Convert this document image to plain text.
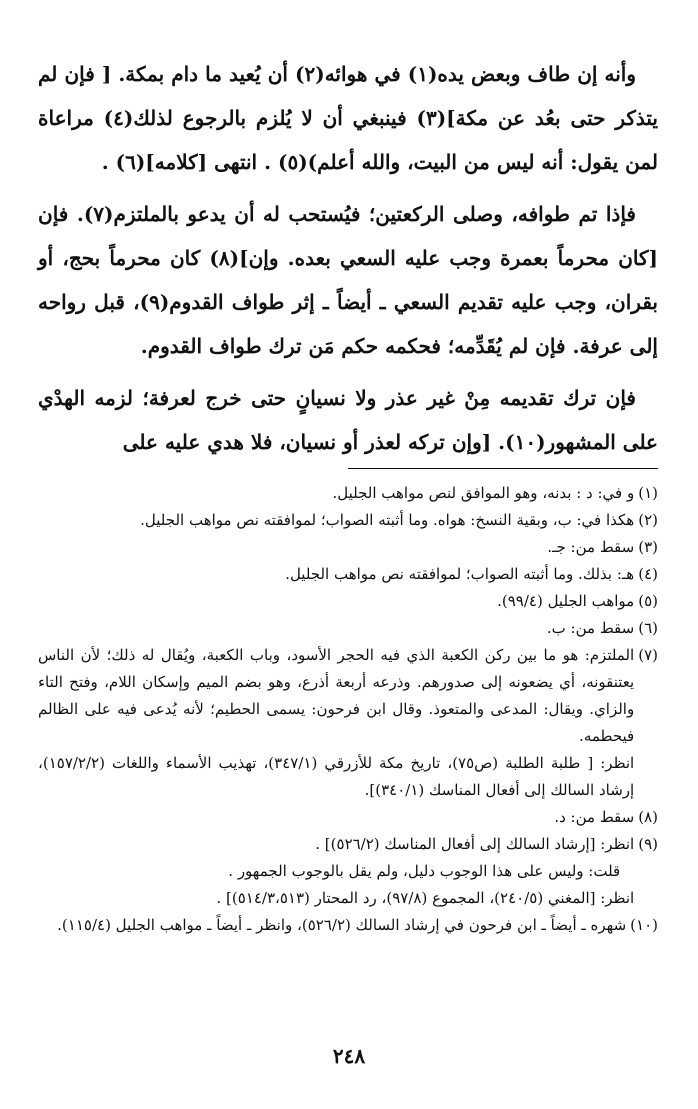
وأنه إن طاف وبعض يده(١) في هوائه(٢) أن يُعيد ما دام بمكة. [ فإن لم يتذكر حتى بعُد عن مكة](٣) فينبغي أن لا يُلزم بالرجوع لذلك(٤) مراعاة لمن يقول: أنه ليس من البيت، والله أعلم)(٥) . انتهى [كلامه](٦) .

فإذا تم طوافه، وصلى الركعتين؛ فيُستحب له أن يدعو بالملتزم(٧). فإن [كان محرماً بعمرة وجب عليه السعي بعده. وإن](٨) كان محرماً بحج، أو بقران، وجب عليه تقديم السعي ـ أيضاً ـ إثر طواف القدوم(٩)، قبل رواحه إلى عرفة. فإن لم يُقَدِّمه؛ فحكمه حكم مَن ترك طواف القدوم.

فإن ترك تقديمه مِنْ غير عذر ولا نسيانٍ حتى خرج لعرفة؛ لزمه الهدْي على المشهور(١٠). [وإن تركه لعذر أو نسيان، فلا هدي عليه على

(١)
و في: د : بدنه، وهو الموافق لنص مواهب الجليل.
(٢)
هكذا في: ب، وبقية النسخ: هواه. وما أثبته الصواب؛ لموافقته نص مواهب الجليل.
(٣)
سقط من: جـ.
(٤)
هـ: بذلك. وما أثبته الصواب؛ لموافقته نص مواهب الجليل.
(٥)
مواهب الجليل (٩٩/٤).
(٦)
سقط من: ب.
(٧)
الملتزم: هو ما بين ركن الكعبة الذي فيه الحجر الأسود، وباب الكعبة، ويُقال له ذلك؛ لأن الناس يعتنقونه، أي يضعونه إلى صدورهم. وذرعه أربعة أذرع، وهو بضم الميم وإسكان اللام، وفتح التاء والزاي. ويقال: المدعى والمتعوذ. وقال ابن فرحون: يسمى الحطيم؛ لأنه يُدعى فيه على الظالم فيحطمه.
انظر: [ طلبة الطلبة (ص٧٥)، تاريخ مكة للأزرقي (٣٤٧/١)، تهذيب الأسماء واللغات (١٥٧/٢/٢)، إرشاد السالك إلى أفعال المناسك (٣٤٠/١)].
(٨)
سقط من: د.
(٩)
انظر: [إرشاد السالك إلى أفعال المناسك (٥٢٦/٢)] .
قلت: وليس على هذا الوجوب دليل، ولم يقل بالوجوب الجمهور .
انظر: [المغني (٢٤٠/٥)، المجموع (٩٧/٨)، رد المحتار (٥١٤/٣،٥١٣)] .
(١٠)
شهره ـ أيضاً ـ ابن فرحون في إرشاد السالك (٥٢٦/٢)، وانظر ـ أيضاً ـ مواهب الجليل (١١٥/٤).
٢٤٨
